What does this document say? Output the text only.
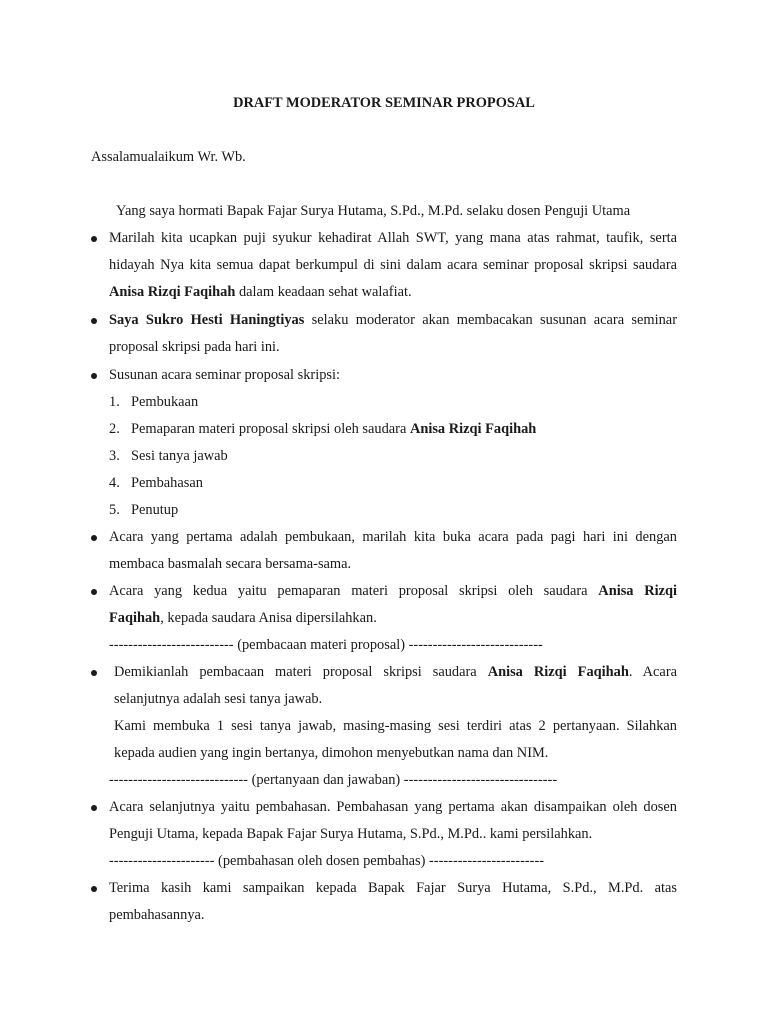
DRAFT MODERATOR SEMINAR PROPOSAL
Assalamualaikum Wr. Wb.
Yang saya hormati Bapak Fajar Surya Hutama, S.Pd., M.Pd. selaku dosen Penguji Utama
Marilah kita ucapkan puji syukur kehadirat Allah SWT, yang mana atas rahmat, taufik, serta
hidayah Nya kita semua dapat berkumpul di sini dalam acara seminar proposal skripsi saudara
Anisa Rizqi Faqihah dalam keadaan sehat walafiat.
Saya Sukro Hesti Haningtiyas selaku moderator akan membacakan susunan acara seminar
proposal skripsi pada hari ini.
Susunan acara seminar proposal skripsi:
1. Pembukaan
2. Pemaparan materi proposal skripsi oleh saudara Anisa Rizqi Faqihah
3. Sesi tanya jawab
4. Pembahasan
5. Penutup
Acara yang pertama adalah pembukaan, marilah kita buka acara pada pagi hari ini dengan
membaca basmalah secara bersama-sama.
Acara yang kedua yaitu pemaparan materi proposal skripsi oleh saudara Anisa Rizqi
Faqihah, kepada saudara Anisa dipersilahkan.
-------------------------- (pembacaan materi proposal) ----------------------------
Demikianlah pembacaan materi proposal skripsi saudara Anisa Rizqi Faqihah. Acara
selanjutnya adalah sesi tanya jawab.
Kami membuka 1 sesi tanya jawab, masing-masing sesi terdiri atas 2 pertanyaan. Silahkan
kepada audien yang ingin bertanya, dimohon menyebutkan nama dan NIM.
----------------------------- (pertanyaan dan jawaban) --------------------------------
Acara selanjutnya yaitu pembahasan. Pembahasan yang pertama akan disampaikan oleh dosen
Penguji Utama, kepada Bapak Fajar Surya Hutama, S.Pd., M.Pd.. kami persilahkan.
---------------------- (pembahasan oleh dosen pembahas) ------------------------
Terima kasih kami sampaikan kepada Bapak Fajar Surya Hutama, S.Pd., M.Pd. atas
pembahasannya.
